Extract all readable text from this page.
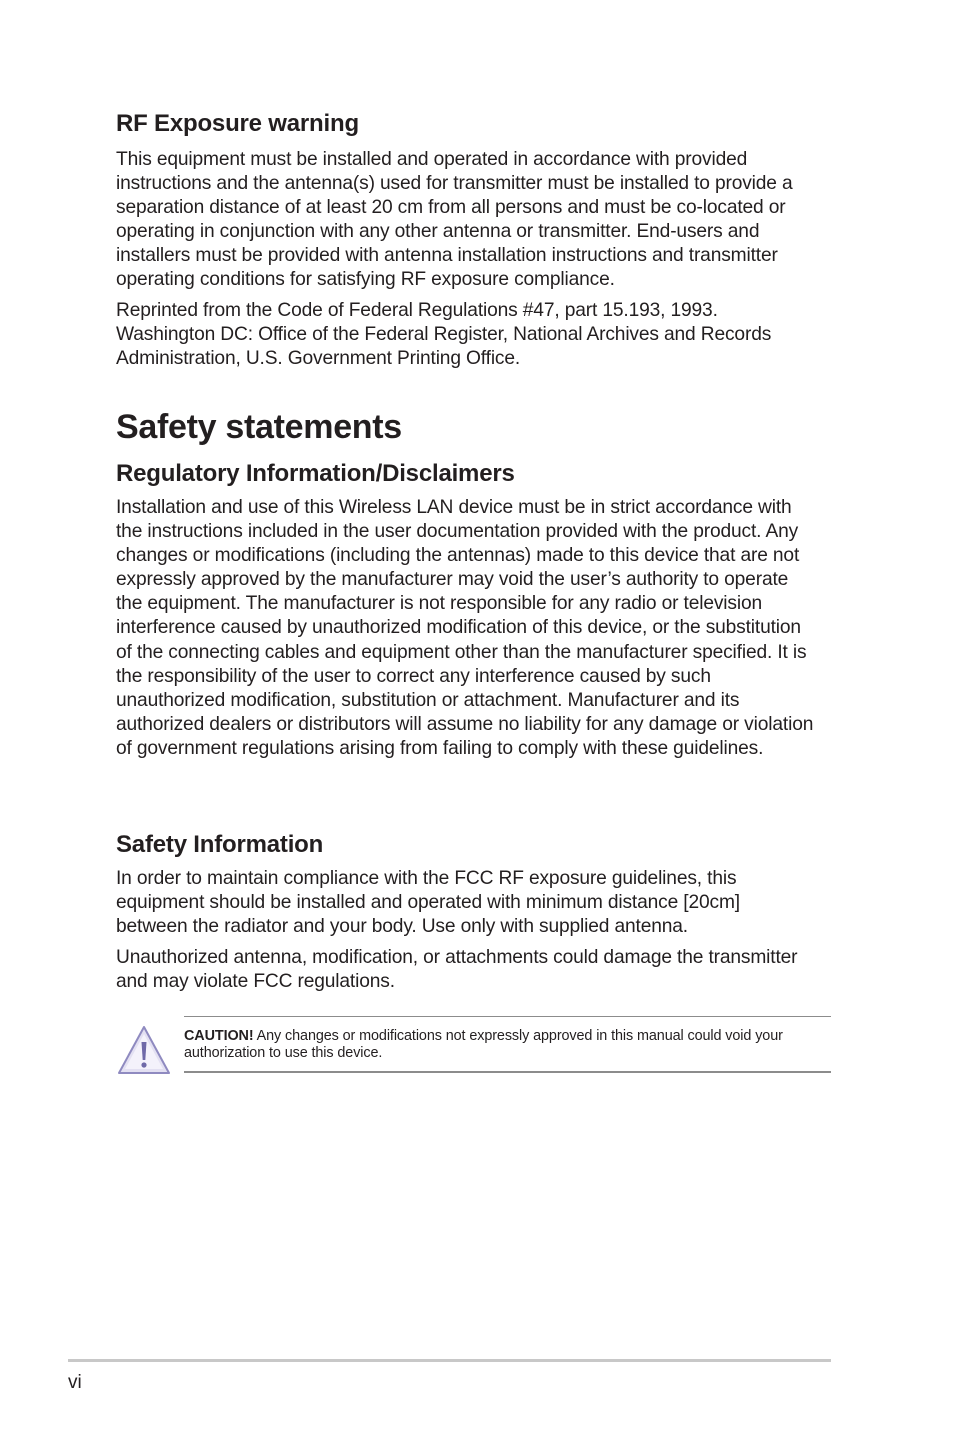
RF Exposure warning

This equipment must be installed and operated in accordance with provided instructions and the antenna(s) used for transmitter must be installed to provide a separation distance of at least 20 cm from all persons and must be co-located or operating in conjunction with any other antenna or transmitter. End-users and installers must be provided with antenna installation instructions and transmitter operating conditions for satisfying RF exposure compliance.

Reprinted from the Code of Federal Regulations #47, part 15.193, 1993. Washington DC: Office of the Federal Register, National Archives and Records Administration, U.S. Government Printing Office.

Safety statements
Regulatory Information/Disclaimers

Installation and use of this Wireless LAN device must be in strict accordance with the instructions included in the user documentation provided with the product. Any changes or modifications (including the antennas) made to this device that are not expressly approved by the manufacturer may void the user’s authority to operate the equipment. The manufacturer is not responsible for any radio or television interference caused by unauthorized modification of this device, or the substitution of the connecting cables and equipment other than the manufacturer specified. It is the responsibility of the user to correct any interference caused by such unauthorized modification, substitution or attachment. Manufacturer and its authorized dealers or distributors will assume no liability for any damage or violation of government regulations arising from failing to comply with these guidelines.

Safety Information

In order to maintain compliance with the FCC RF exposure guidelines, this equipment should be installed and operated with minimum distance [20cm] between the radiator and your body. Use only with supplied antenna.

Unauthorized antenna, modification, or attachments could damage the transmitter and may violate FCC regulations.

CAUTION! Any changes or modifications not expressly approved in this manual could void your authorization to use this device.
vi
